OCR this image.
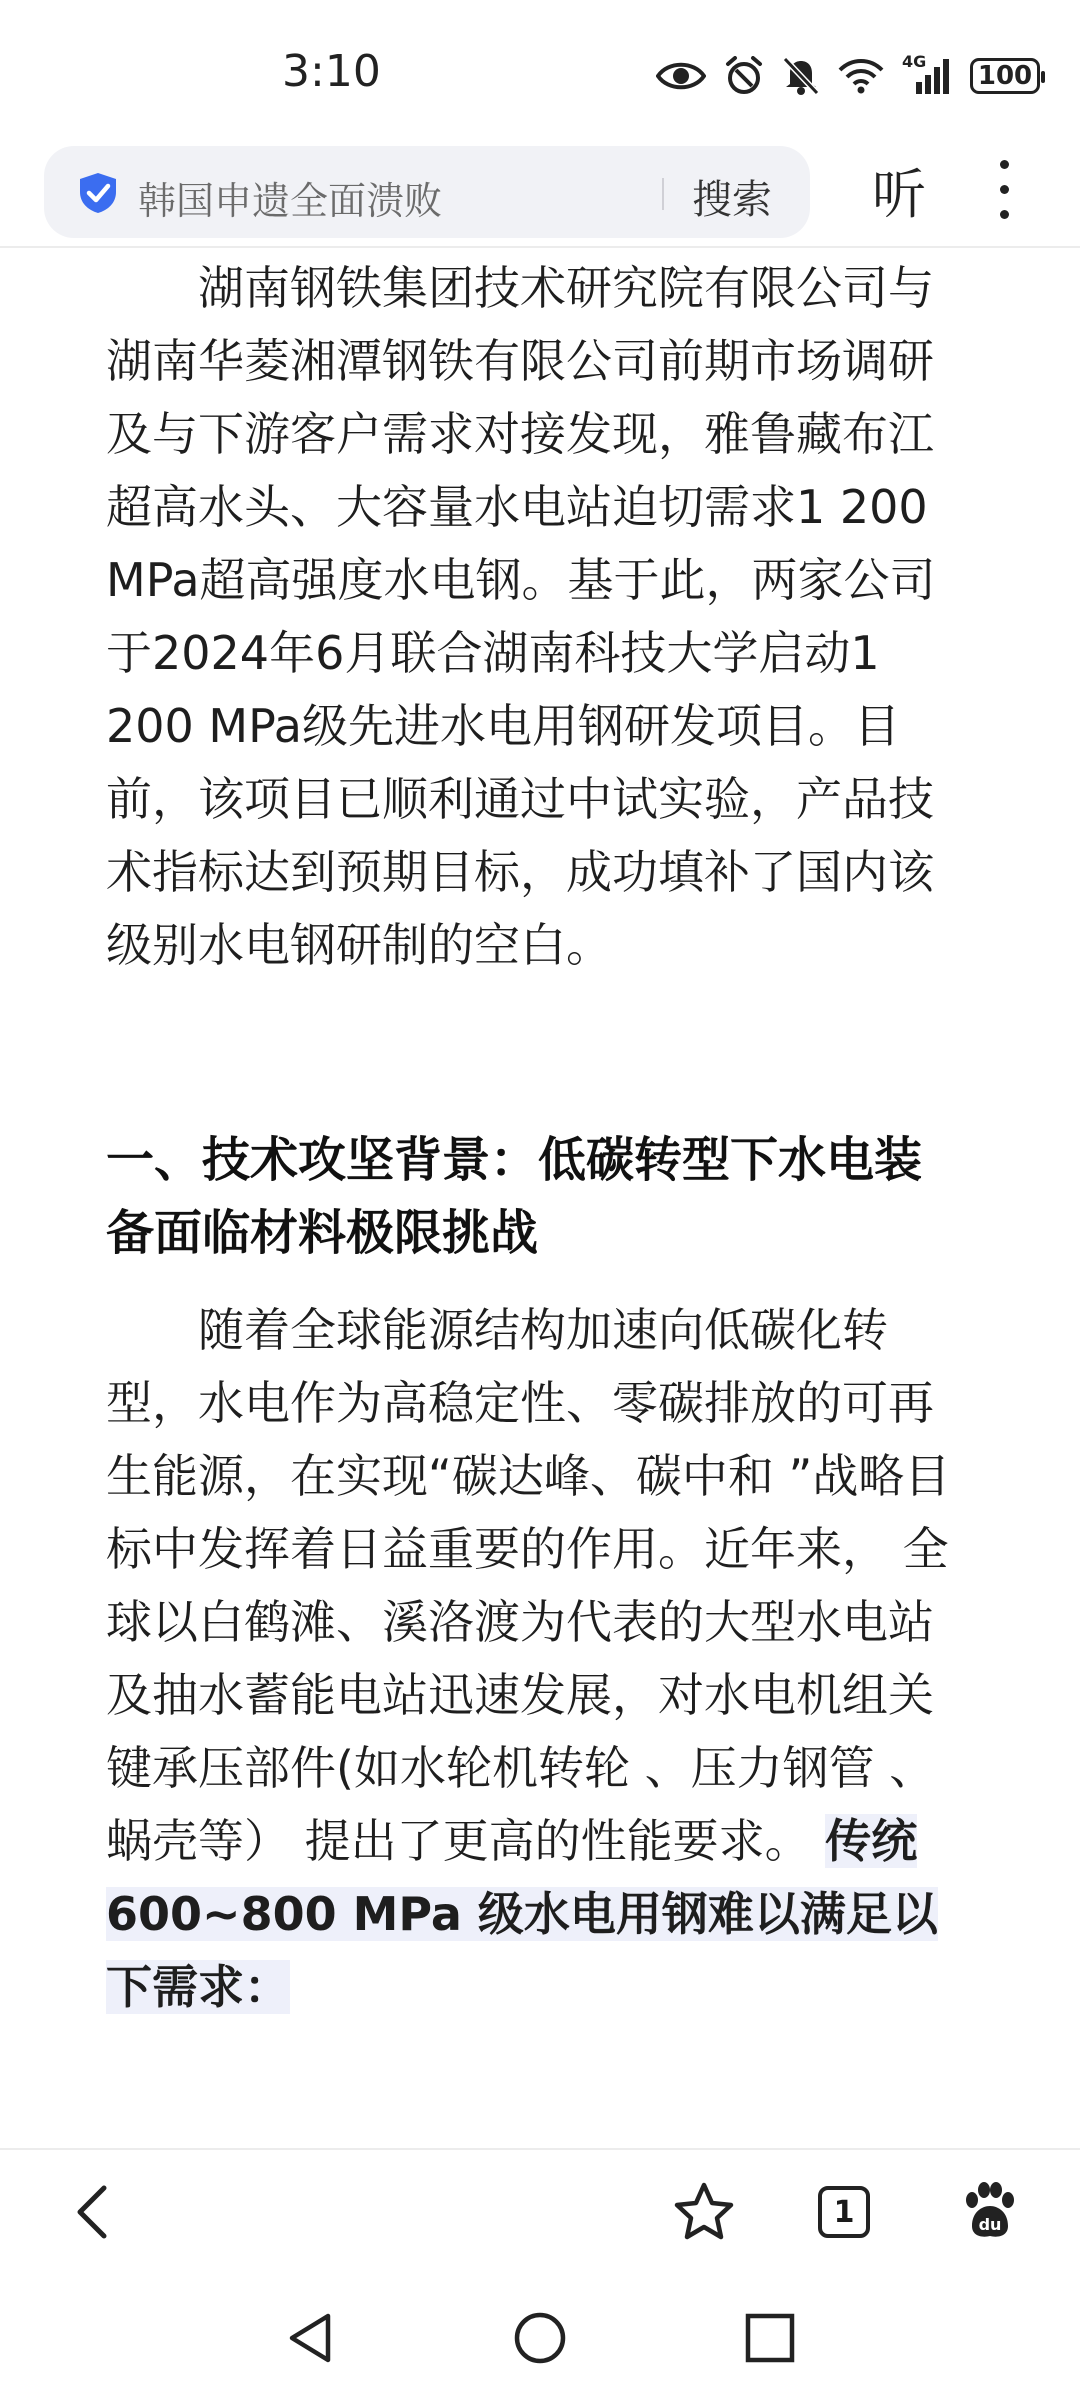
3:10	4G 100
韩国申遗全面溃败	搜索 听

湖南钢铁集团技术研究院有限公司与湖南华菱湘潭钢铁有限公司前期市场调研及与下游客户需求对接发现，雅鲁藏布江超高水头、大容量水电站迫切需求1 200 MPa超高强度水电钢。基于此，两家公司于2024年6月联合湖南科技大学启动1 200 MPa级先进水电用钢研发项目。目前，该项目已顺利通过中试实验，产品技术指标达到预期目标，成功填补了国内该级别水电钢研制的空白。

一、技术攻坚背景：低碳转型下水电装备面临材料极限挑战

随着全球能源结构加速向低碳化转型，水电作为高稳定性、零碳排放的可再生能源，在实现“碳达峰、碳中和 ”战略目标中发挥着日益重要的作用。近年来， 全球以白鹤滩、溪洛渡为代表的大型水电站及抽水蓄能电站迅速发展，对水电机组关键承压部件(如水轮机转轮 、压力钢管 、蜗壳等） 提出了更高的性能要求。 传统 600~800 MPa 级水电用钢难以满足以下需求：

1	du
